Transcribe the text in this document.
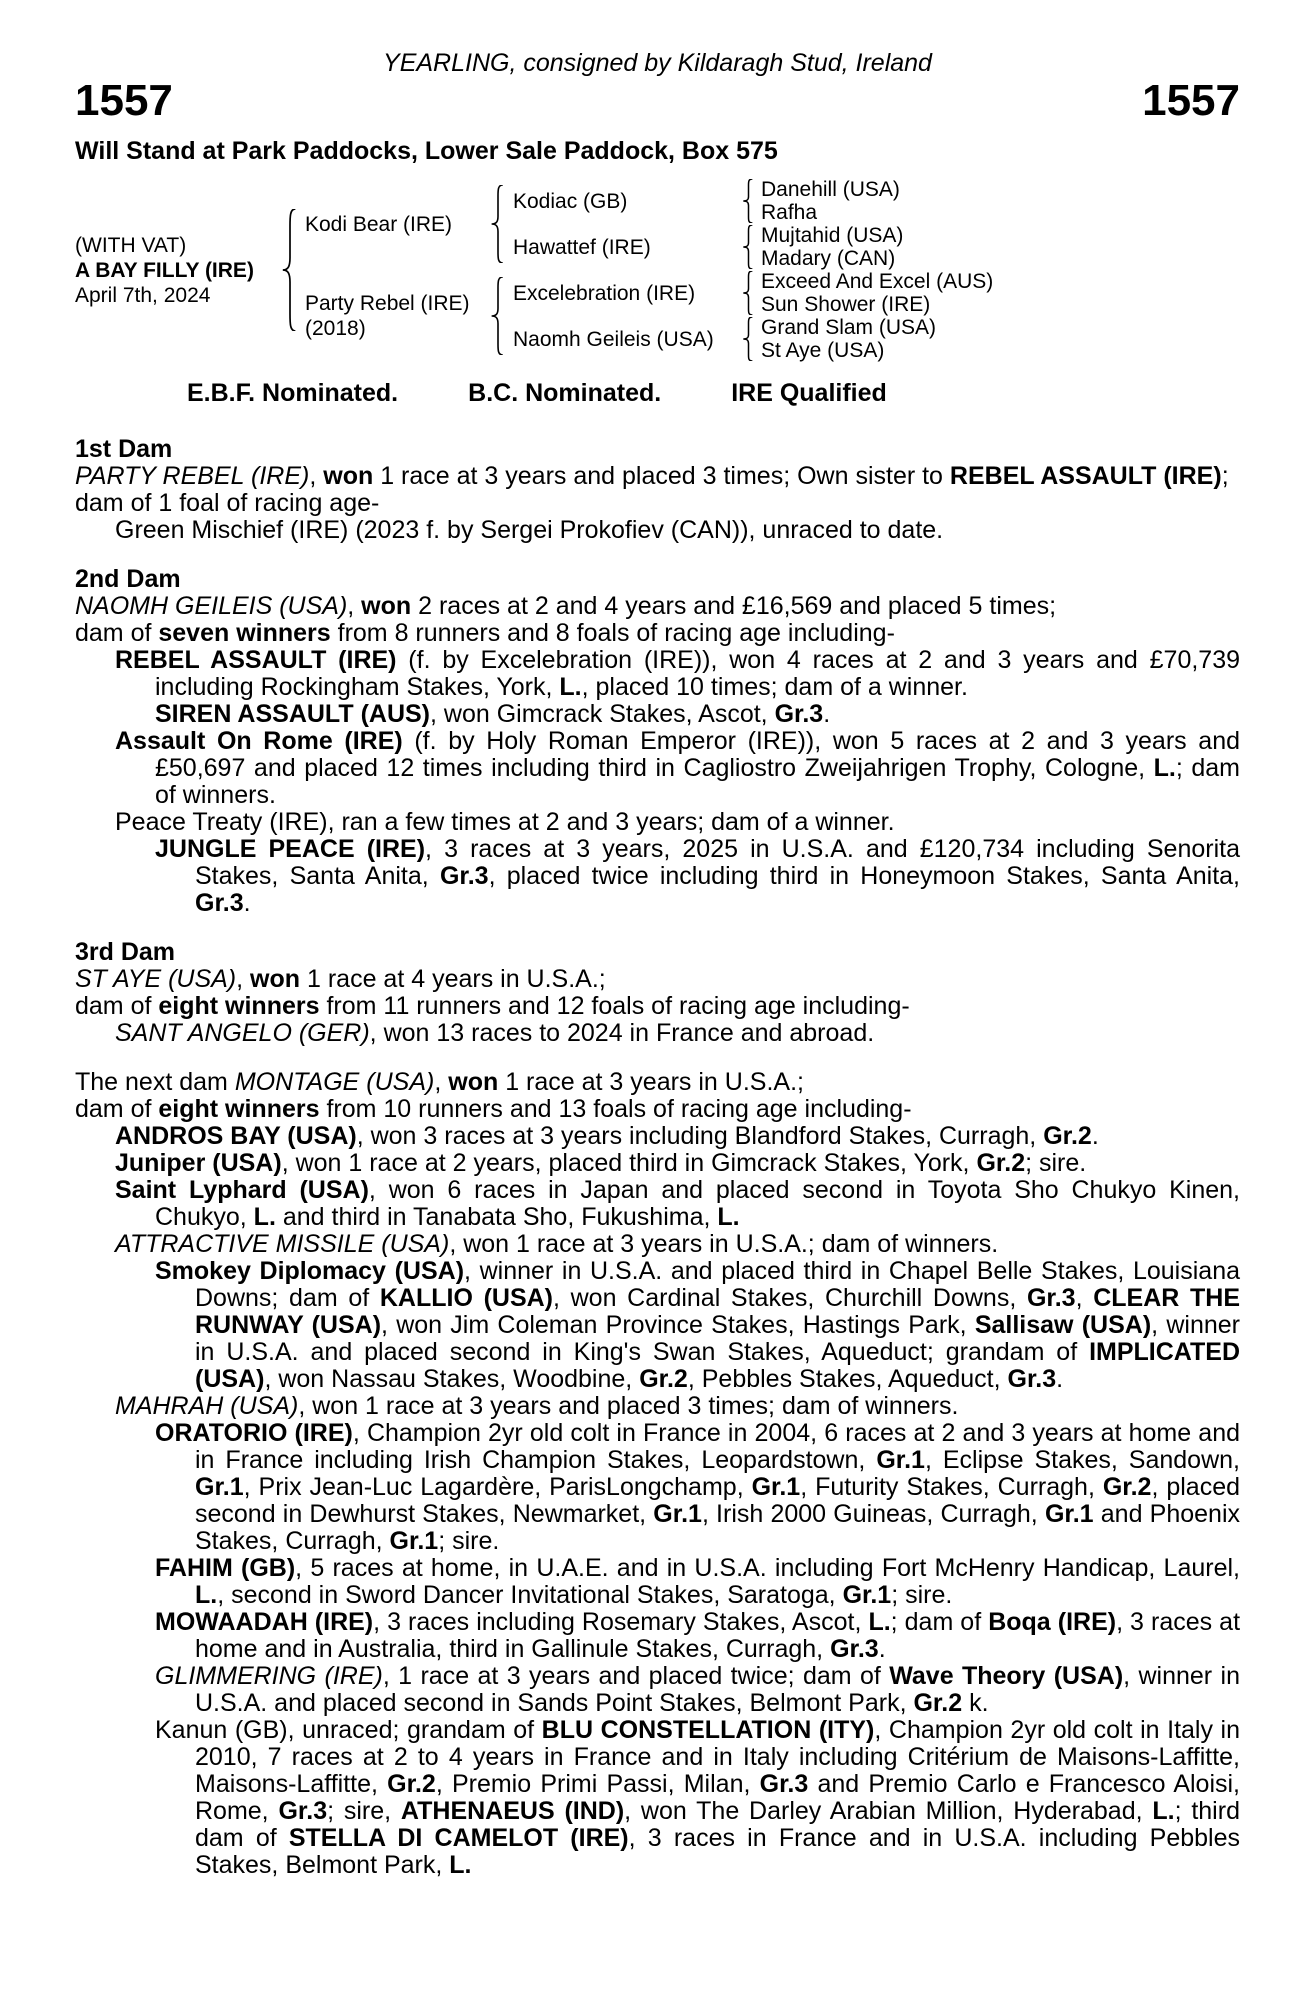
YEARLING, consigned by Kildaragh Stud, Ireland
1557	1557
Will Stand at Park Paddocks, Lower Sale Paddock, Box 575
(WITH VAT)
A BAY FILLY (IRE)
April 7th, 2024
Kodi Bear (IRE)
Party Rebel (IRE)
(2018)
Kodiac (GB)
Hawattef (IRE)
Excelebration (IRE)
Naomh Geileis (USA)
Danehill (USA)
Rafha
Mujtahid (USA)
Madary (CAN)
Exceed And Excel (AUS)
Sun Shower (IRE)
Grand Slam (USA)
St Aye (USA)
E.B.F. Nominated.	B.C. Nominated.	IRE Qualified

1st Dam

PARTY REBEL (IRE), won 1 race at 3 years and placed 3 times; Own sister to REBEL ASSAULT (IRE);

dam of 1 foal of racing age-

Green Mischief (IRE) (2023 f. by Sergei Prokofiev (CAN)), unraced to date.

2nd Dam

NAOMH GEILEIS (USA), won 2 races at 2 and 4 years and £16,569 and placed 5 times;

dam of seven winners from 8 runners and 8 foals of racing age including-

REBEL ASSAULT (IRE) (f. by Excelebration (IRE)), won 4 races at 2 and 3 years and £70,739 including Rockingham Stakes, York, L., placed 10 times; dam of a winner.

SIREN ASSAULT (AUS), won Gimcrack Stakes, Ascot, Gr.3.

Assault On Rome (IRE) (f. by Holy Roman Emperor (IRE)), won 5 races at 2 and 3 years and £50,697 and placed 12 times including third in Cagliostro Zweijahrigen Trophy, Cologne, L.; dam of winners.

Peace Treaty (IRE), ran a few times at 2 and 3 years; dam of a winner.

JUNGLE PEACE (IRE), 3 races at 3 years, 2025 in U.S.A. and £120,734 including Senorita Stakes, Santa Anita, Gr.3, placed twice including third in Honeymoon Stakes, Santa Anita, Gr.3.

3rd Dam

ST AYE (USA), won 1 race at 4 years in U.S.A.;

dam of eight winners from 11 runners and 12 foals of racing age including-

SANT ANGELO (GER), won 13 races to 2024 in France and abroad.

The next dam MONTAGE (USA), won 1 race at 3 years in U.S.A.;

dam of eight winners from 10 runners and 13 foals of racing age including-

ANDROS BAY (USA), won 3 races at 3 years including Blandford Stakes, Curragh, Gr.2.

Juniper (USA), won 1 race at 2 years, placed third in Gimcrack Stakes, York, Gr.2; sire.

Saint Lyphard (USA), won 6 races in Japan and placed second in Toyota Sho Chukyo Kinen, Chukyo, L. and third in Tanabata Sho, Fukushima, L.

ATTRACTIVE MISSILE (USA), won 1 race at 3 years in U.S.A.; dam of winners.

Smokey Diplomacy (USA), winner in U.S.A. and placed third in Chapel Belle Stakes, Louisiana Downs; dam of KALLIO (USA), won Cardinal Stakes, Churchill Downs, Gr.3, CLEAR THE RUNWAY (USA), won Jim Coleman Province Stakes, Hastings Park, Sallisaw (USA), winner in U.S.A. and placed second in King's Swan Stakes, Aqueduct; grandam of IMPLICATED (USA), won Nassau Stakes, Woodbine, Gr.2, Pebbles Stakes, Aqueduct, Gr.3.

MAHRAH (USA), won 1 race at 3 years and placed 3 times; dam of winners.

ORATORIO (IRE), Champion 2yr old colt in France in 2004, 6 races at 2 and 3 years at home and in France including Irish Champion Stakes, Leopardstown, Gr.1, Eclipse Stakes, Sandown, Gr.1, Prix Jean-Luc Lagardère, ParisLongchamp, Gr.1, Futurity Stakes, Curragh, Gr.2, placed second in Dewhurst Stakes, Newmarket, Gr.1, Irish 2000 Guineas, Curragh, Gr.1 and Phoenix Stakes, Curragh, Gr.1; sire.

FAHIM (GB), 5 races at home, in U.A.E. and in U.S.A. including Fort McHenry Handicap, Laurel, L., second in Sword Dancer Invitational Stakes, Saratoga, Gr.1; sire.

MOWAADAH (IRE), 3 races including Rosemary Stakes, Ascot, L.; dam of Boqa (IRE), 3 races at home and in Australia, third in Gallinule Stakes, Curragh, Gr.3.

GLIMMERING (IRE), 1 race at 3 years and placed twice; dam of Wave Theory (USA), winner in U.S.A. and placed second in Sands Point Stakes, Belmont Park, Gr.2 k.

Kanun (GB), unraced; grandam of BLU CONSTELLATION (ITY), Champion 2yr old colt in Italy in 2010, 7 races at 2 to 4 years in France and in Italy including Critérium de Maisons-Laffitte, Maisons-Laffitte, Gr.2, Premio Primi Passi, Milan, Gr.3 and Premio Carlo e Francesco Aloisi, Rome, Gr.3; sire, ATHENAEUS (IND), won The Darley Arabian Million, Hyderabad, L.; third dam of STELLA DI CAMELOT (IRE), 3 races in France and in U.S.A. including Pebbles Stakes, Belmont Park, L.
